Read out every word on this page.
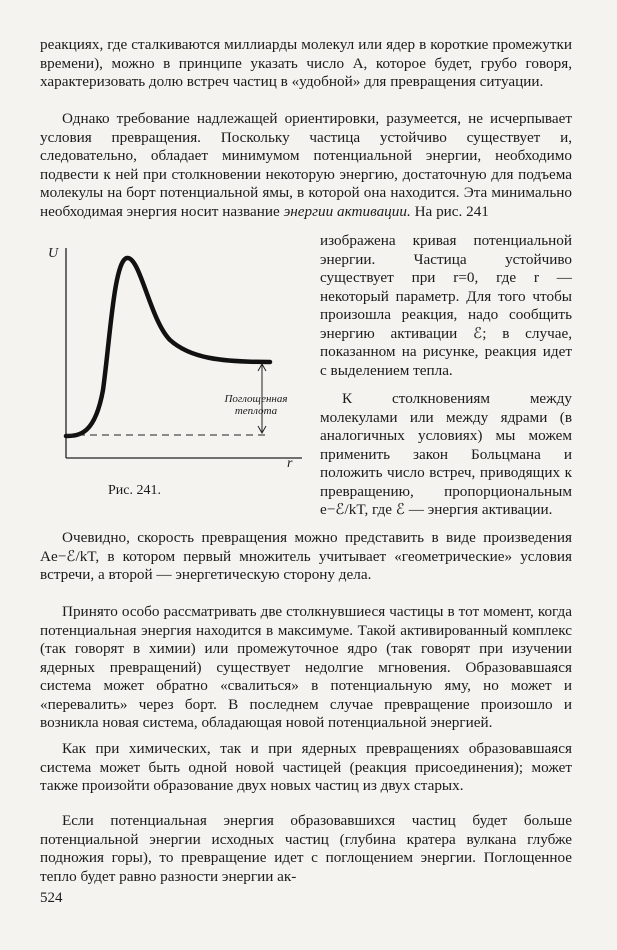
реакциях, где сталкиваются миллиарды молекул или ядер в короткие промежутки времени), можно в принципе указать число A, которое будет, грубо говоря, характеризовать долю встреч частиц в «удобной» для превращения ситуации.

Однако требование надлежащей ориентировки, разумеется, не исчерпывает условия превращения. Поскольку частица устойчиво существует и, следовательно, обладает минимумом потенциальной энергии, необходимо подвести к ней при столкновении некоторую энергию, достаточную для подъема молекулы на борт потенциальной ямы, в которой она находится. Эта минимально необходимая энергия носит название энергии активации. На рис. 241

изображена кривая потенциальной энергии. Частица устойчиво существует при r=0, где r — некоторый параметр. Для того чтобы произошла реакция, надо сообщить энергию активации ℰ; в случае, показанном на рисунке, реакция идет с выделением тепла.

К столкновениям между молекулами или между ядрами (в аналогичных условиях) мы можем применить закон Больцмана и положить число встреч, приводящих к превращению, пропорциональным e−ℰ/kT, где ℰ — энергия активации.

U
r
Поглощенная теплота
Рис. 241.

Очевидно, скорость превращения можно представить в виде произведения Ae−ℰ/kT, в котором первый множитель учитывает «геометрические» условия встречи, а второй — энергетическую сторону дела.

Принято особо рассматривать две столкнувшиеся частицы в тот момент, когда потенциальная энергия находится в максимуме. Такой активированный комплекс (так говорят в химии) или промежуточное ядро (так говорят при изучении ядерных превращений) существует недолгие мгновения. Образовавшаяся система может обратно «свалиться» в потенциальную яму, но может и «перевалить» через борт. В последнем случае превращение произошло и возникла новая система, обладающая новой потенциальной энергией.

Как при химических, так и при ядерных превращениях образовавшаяся система может быть одной новой частицей (реакция присоединения); может также произойти образование двух новых частиц из двух старых.

Если потенциальная энергия образовавшихся частиц будет больше потенциальной энергии исходных частиц (глубина кратера вулкана глубже подножия горы), то превращение идет с поглощением энергии. Поглощенное тепло будет равно разности энергии ак-

524
